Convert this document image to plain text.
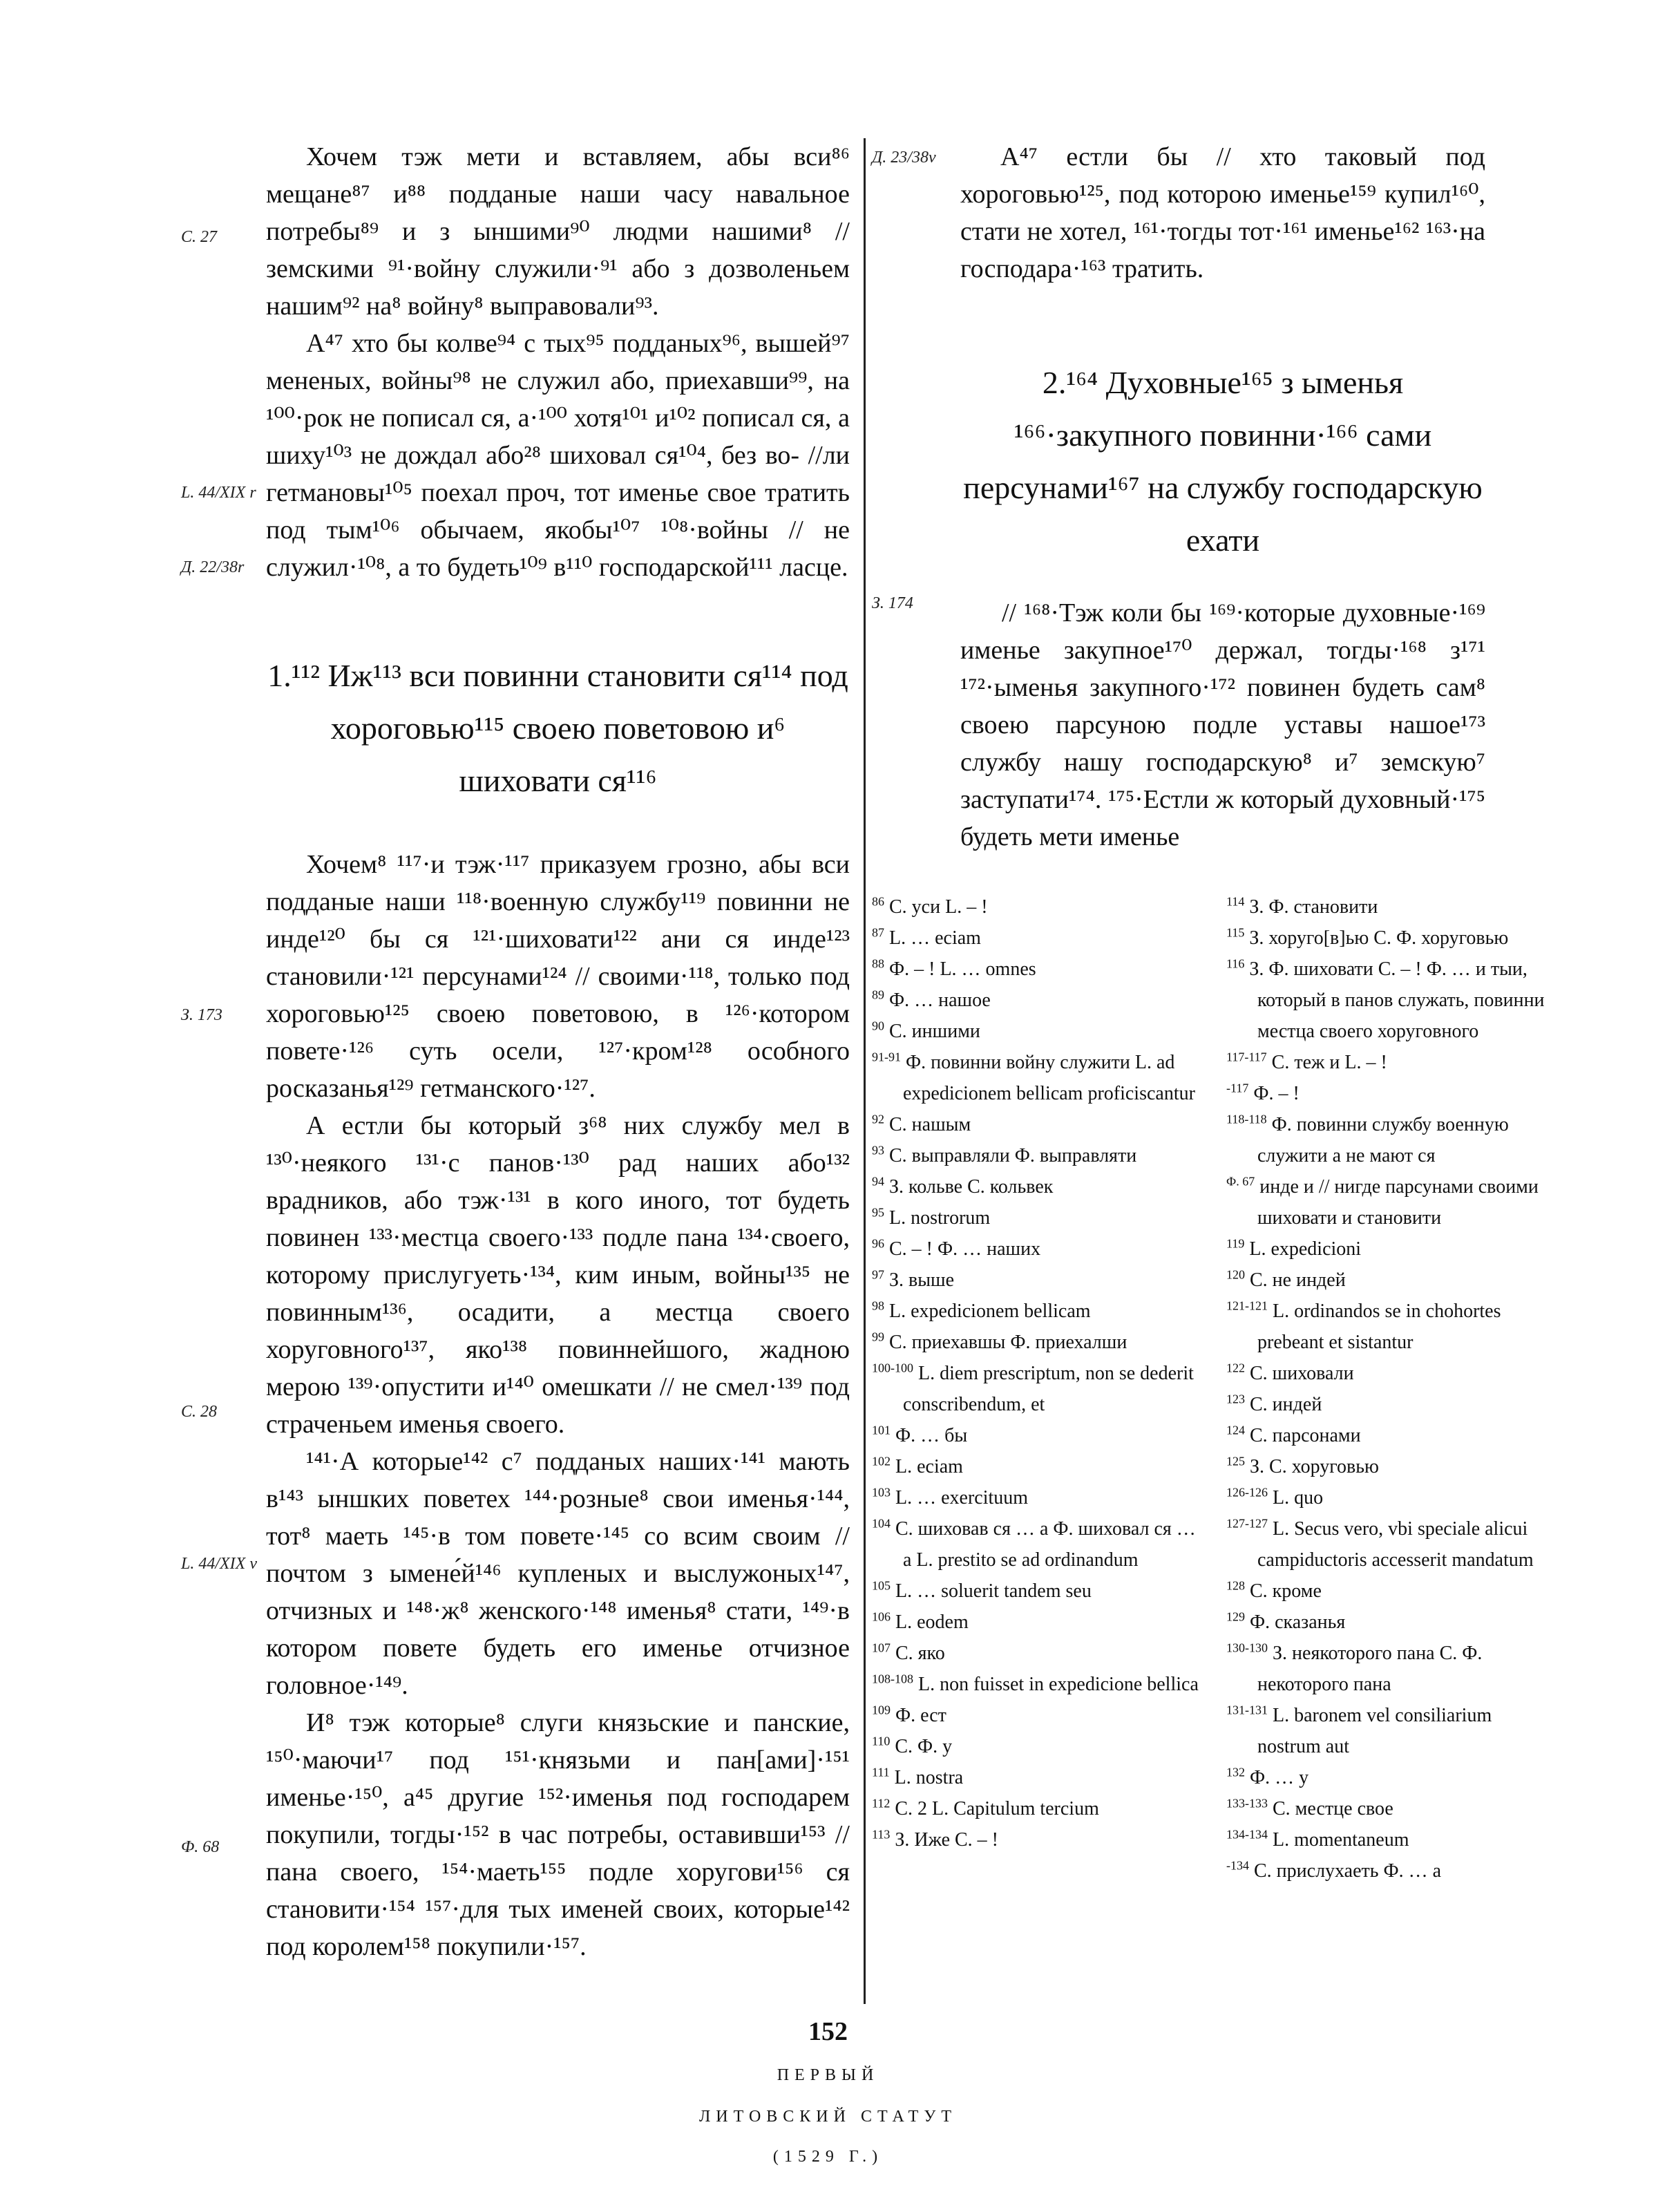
Хочем тэж мети и вставляем, абы вси⁸⁶ мещане⁸⁷ и⁸⁸ подданые наши часу навальное потребы⁸⁹ и з ыншими⁹⁰ людми нашими⁸ // земскими ⁹¹·войну служили·⁹¹ або з дозволеньем нашим⁹² на⁸ войну⁸ выправовали⁹³.

А⁴⁷ хто бы колве⁹⁴ с тых⁹⁵ подданых⁹⁶, вышей⁹⁷ мененых, войны⁹⁸ не служил або, приехавши⁹⁹, на ¹⁰⁰·рок не пописал ся, а·¹⁰⁰ хотя¹⁰¹ и¹⁰² пописал ся, а шиху¹⁰³ не дождал або²⁸ шиховал ся¹⁰⁴, без во- //ли гетмановы¹⁰⁵ поехал проч, тот именье свое тратить под тым¹⁰⁶ обычаем, якобы¹⁰⁷ ¹⁰⁸·войны // не служил·¹⁰⁸, а то будеть¹⁰⁹ в¹¹⁰ господарской¹¹¹ ласце.

1.¹¹² Иж¹¹³ вси повинни становити ся¹¹⁴ под хороговью¹¹⁵ своею поветовою и⁶ шиховати ся¹¹⁶

Хочем⁸ ¹¹⁷·и тэж·¹¹⁷ приказуем грозно, абы вси подданые наши ¹¹⁸·военную службу¹¹⁹ повинни не инде¹²⁰ бы ся ¹²¹·шиховати¹²² ани ся инде¹²³ становили·¹²¹ персунами¹²⁴ // своими·¹¹⁸, только под хороговью¹²⁵ своею поветовою, в ¹²⁶·котором повете·¹²⁶ суть осели, ¹²⁷·кром¹²⁸ особного росказанья¹²⁹ гетманского·¹²⁷.

А естли бы который з⁶⁸ них службу мел в ¹³⁰·неякого ¹³¹·с панов·¹³⁰ рад наших або¹³² врадников, або тэж·¹³¹ в кого иного, тот будеть повинен ¹³³·местца своего·¹³³ подле пана ¹³⁴·своего, которому прислугуеть·¹³⁴, ким иным, войны¹³⁵ не повинным¹³⁶, осадити, а местца своего хоруговного¹³⁷, яко¹³⁸ повиннейшого, жадною мерою ¹³⁹·опустити и¹⁴⁰ омешкати // не смел·¹³⁹ под страченьем именья своего.

¹⁴¹·А которые¹⁴² с⁷ подданых наших·¹⁴¹ мають в¹⁴³ ыншких поветех ¹⁴⁴·розные⁸ свои именья·¹⁴⁴, тот⁸ маеть ¹⁴⁵·в том повете·¹⁴⁵ со всим своим // почтом з ымене́й¹⁴⁶ купленых и выслужоных¹⁴⁷, отчизных и ¹⁴⁸·ж⁸ женского·¹⁴⁸ именья⁸ стати, ¹⁴⁹·в котором повете будеть его именье отчизное головное·¹⁴⁹.

И⁸ тэж которые⁸ слуги князьские и панские, ¹⁵⁰·маючи¹⁷ под ¹⁵¹·князьми и пан[ами]·¹⁵¹ именье·¹⁵⁰, а⁴⁵ другие ¹⁵²·именья под господарем покупили, тогды·¹⁵² в час потребы, оставивши¹⁵³ // пана своего, ¹⁵⁴·маеть¹⁵⁵ подле хоругови¹⁵⁶ ся становити·¹⁵⁴ ¹⁵⁷·для тых именей своих, которые¹⁴² под королем¹⁵⁸ покупили·¹⁵⁷.

С. 27
L. 44/XIX r
Д. 22/38r
З. 173
С. 28
L. 44/XIX v
Ф. 68
Д. 23/38v
З. 174

А⁴⁷ естли бы // хто таковый под хороговью¹²⁵, под которою именье¹⁵⁹ купил¹⁶⁰, стати не хотел, ¹⁶¹·тогды тот·¹⁶¹ именье¹⁶² ¹⁶³·на господара·¹⁶³ тратить.

2.¹⁶⁴ Духовные¹⁶⁵ з ыменья ¹⁶⁶·закупного повинни·¹⁶⁶ сами персунами¹⁶⁷ на службу господарскую ехати

// ¹⁶⁸·Тэж коли бы ¹⁶⁹·которые духовные·¹⁶⁹ именье закупное¹⁷⁰ держал, тогды·¹⁶⁸ з¹⁷¹ ¹⁷²·ыменья закупного·¹⁷² повинен будеть сам⁸ своею парсуною подле уставы нашое¹⁷³ службу нашу господарскую⁸ и⁷ земскую⁷ заступати¹⁷⁴. ¹⁷⁵·Естли ж который духовный·¹⁷⁵ будеть мети именье

$^{86}$ С. уси L. – !
$^{87}$ L. … eciam
$^{88}$ Ф. – ! L. … omnes
$^{89}$ Ф. … нашое
$^{90}$ С. иншими
$^{91-91}$ Ф. повинни войну служити L. ad expedicionem bellicam proficiscantur
$^{92}$ С. нашым
$^{93}$ С. выправляли Ф. выправляти
$^{94}$ З. кольве С. кольвек
$^{95}$ L. nostrorum
$^{96}$ С. – ! Ф. … наших
$^{97}$ З. выше
$^{98}$ L. expedicionem bellicam
$^{99}$ С. приехавшы Ф. приехалши
$^{100-100}$ L. diem prescriptum, non se dederit conscribendum, et
$^{101}$ Ф. … бы
$^{102}$ L. eciam
$^{103}$ L. … exercituum
$^{104}$ С. шиховав ся … а Ф. шиховал ся … а L. prestito se ad ordinandum
$^{105}$ L. … soluerit tandem seu
$^{106}$ L. eodem
$^{107}$ С. яко
$^{108-108}$ L. non fuisset in expedicione bellica
$^{109}$ Ф. ест
$^{110}$ С. Ф. у
$^{111}$ L. nostra
$^{112}$ С. 2 L. Capitulum tercium
$^{113}$ З. Иже С. – !
$^{114}$ З. Ф. становити
$^{115}$ З. хоруго[в]ью С. Ф. хоруговью
$^{116}$ З. Ф. шиховати С. – ! Ф. … и тыи, который в панов служать, повинни местца своего хоруговного
$^{117-117}$ С. теж и L. – !
$^{-117}$ Ф. – !
$^{118-118}$ Ф. повинни службу военную служити а не мают ся
$^{Ф. 67}$ инде и // нигде парсунами своими шиховати и становити
$^{119}$ L. expedicioni
$^{120}$ С. не индей
$^{121-121}$ L. ordinandos se in chohortes prebeant et sistantur
$^{122}$ С. шиховали
$^{123}$ С. индей
$^{124}$ С. парсонами
$^{125}$ З. С. хоруговью
$^{126-126}$ L. quo
$^{127-127}$ L. Secus vero, vbi speciale alicui campiductoris accesserit mandatum
$^{128}$ С. кроме
$^{129}$ Ф. сказанья
$^{130-130}$ З. неякоторого пана С. Ф. некоторого пана
$^{131-131}$ L. baronem vel consiliarium nostrum aut
$^{132}$ Ф. … у
$^{133-133}$ С. местце свое
$^{134-134}$ L. momentaneum
$^{-134}$ С. прислухаеть Ф. … а
152
ПЕРВЫЙ
ЛИТОВСКИЙ СТАТУТ
(1529 Г.)
